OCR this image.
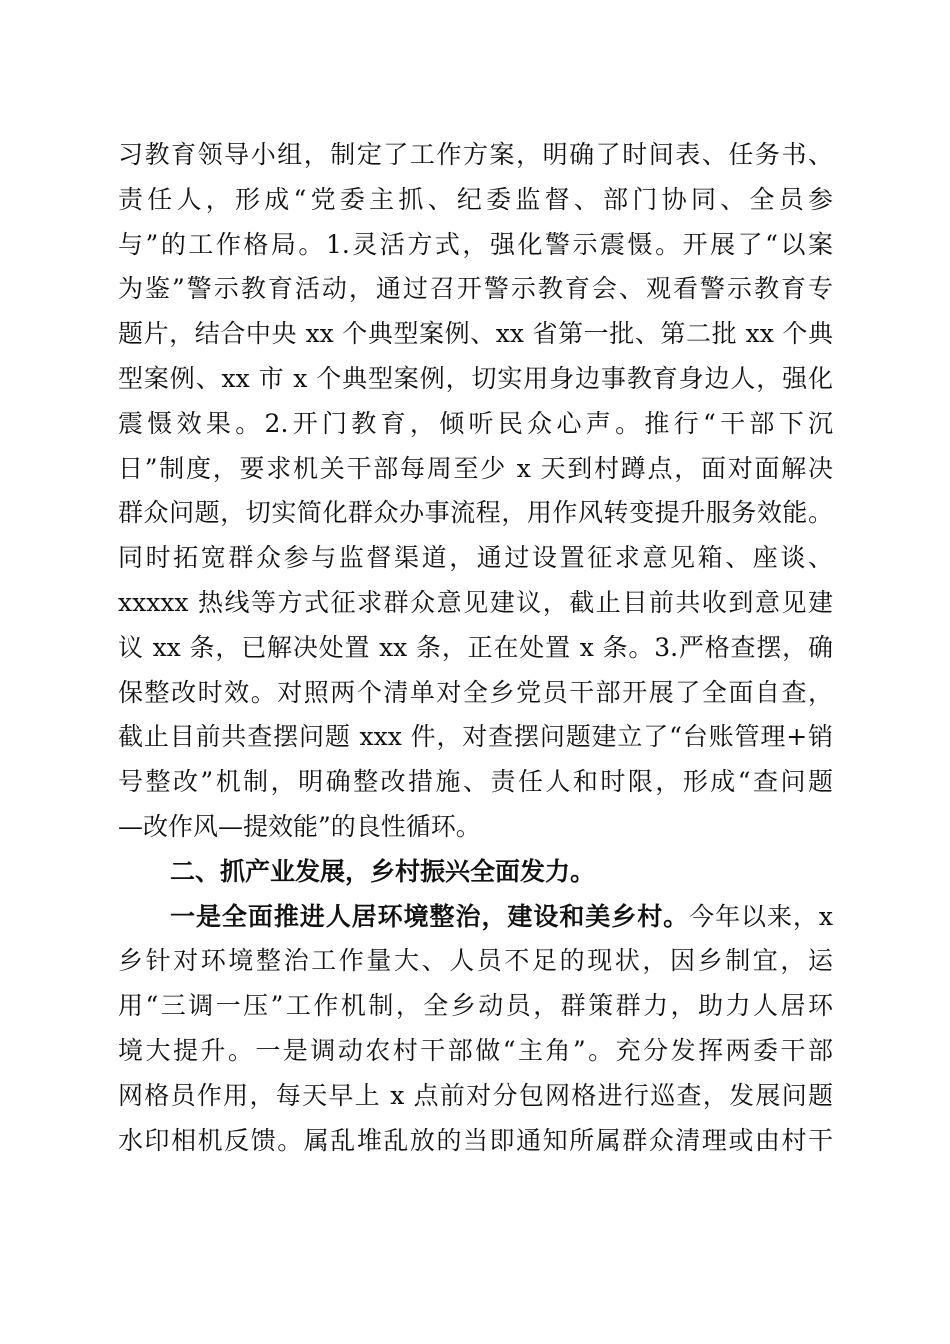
习教育领导小组，制定了工作方案，明确了时间表、任务书、
责任人，形成“党委主抓、纪委监督、部门协同、全员参
与”的工作格局。1.灵活方式，强化警示震慑。开展了“以案
为鉴”警示教育活动，通过召开警示教育会、观看警示教育专
题片，结合中央 xx 个典型案例、xx 省第一批、第二批 xx 个典
型案例、xx 市 x 个典型案例，切实用身边事教育身边人，强化
震慑效果。2.开门教育，倾听民众心声。推行“干部下沉
日”制度，要求机关干部每周至少 x 天到村蹲点，面对面解决
群众问题，切实简化群众办事流程，用作风转变提升服务效能。
同时拓宽群众参与监督渠道，通过设置征求意见箱、座谈、
xxxxx 热线等方式征求群众意见建议，截止目前共收到意见建
议 xx 条，已解决处置 xx 条，正在处置 x 条。3.严格查摆，确
保整改时效。对照两个清单对全乡党员干部开展了全面自查，
截止目前共查摆问题 xxx 件，对查摆问题建立了“台账管理+销
号整改”机制，明确整改措施、责任人和时限，形成“查问题
—改作风—提效能”的良性循环。
二、抓产业发展，乡村振兴全面发力。
一是全面推进人居环境整治，建设和美乡村。今年以来，x
乡针对环境整治工作量大、人员不足的现状，因乡制宜，运
用“三调一压”工作机制，全乡动员，群策群力，助力人居环
境大提升。一是调动农村干部做“主角”。充分发挥两委干部
网格员作用，每天早上 x 点前对分包网格进行巡查，发展问题
水印相机反馈。属乱堆乱放的当即通知所属群众清理或由村干
